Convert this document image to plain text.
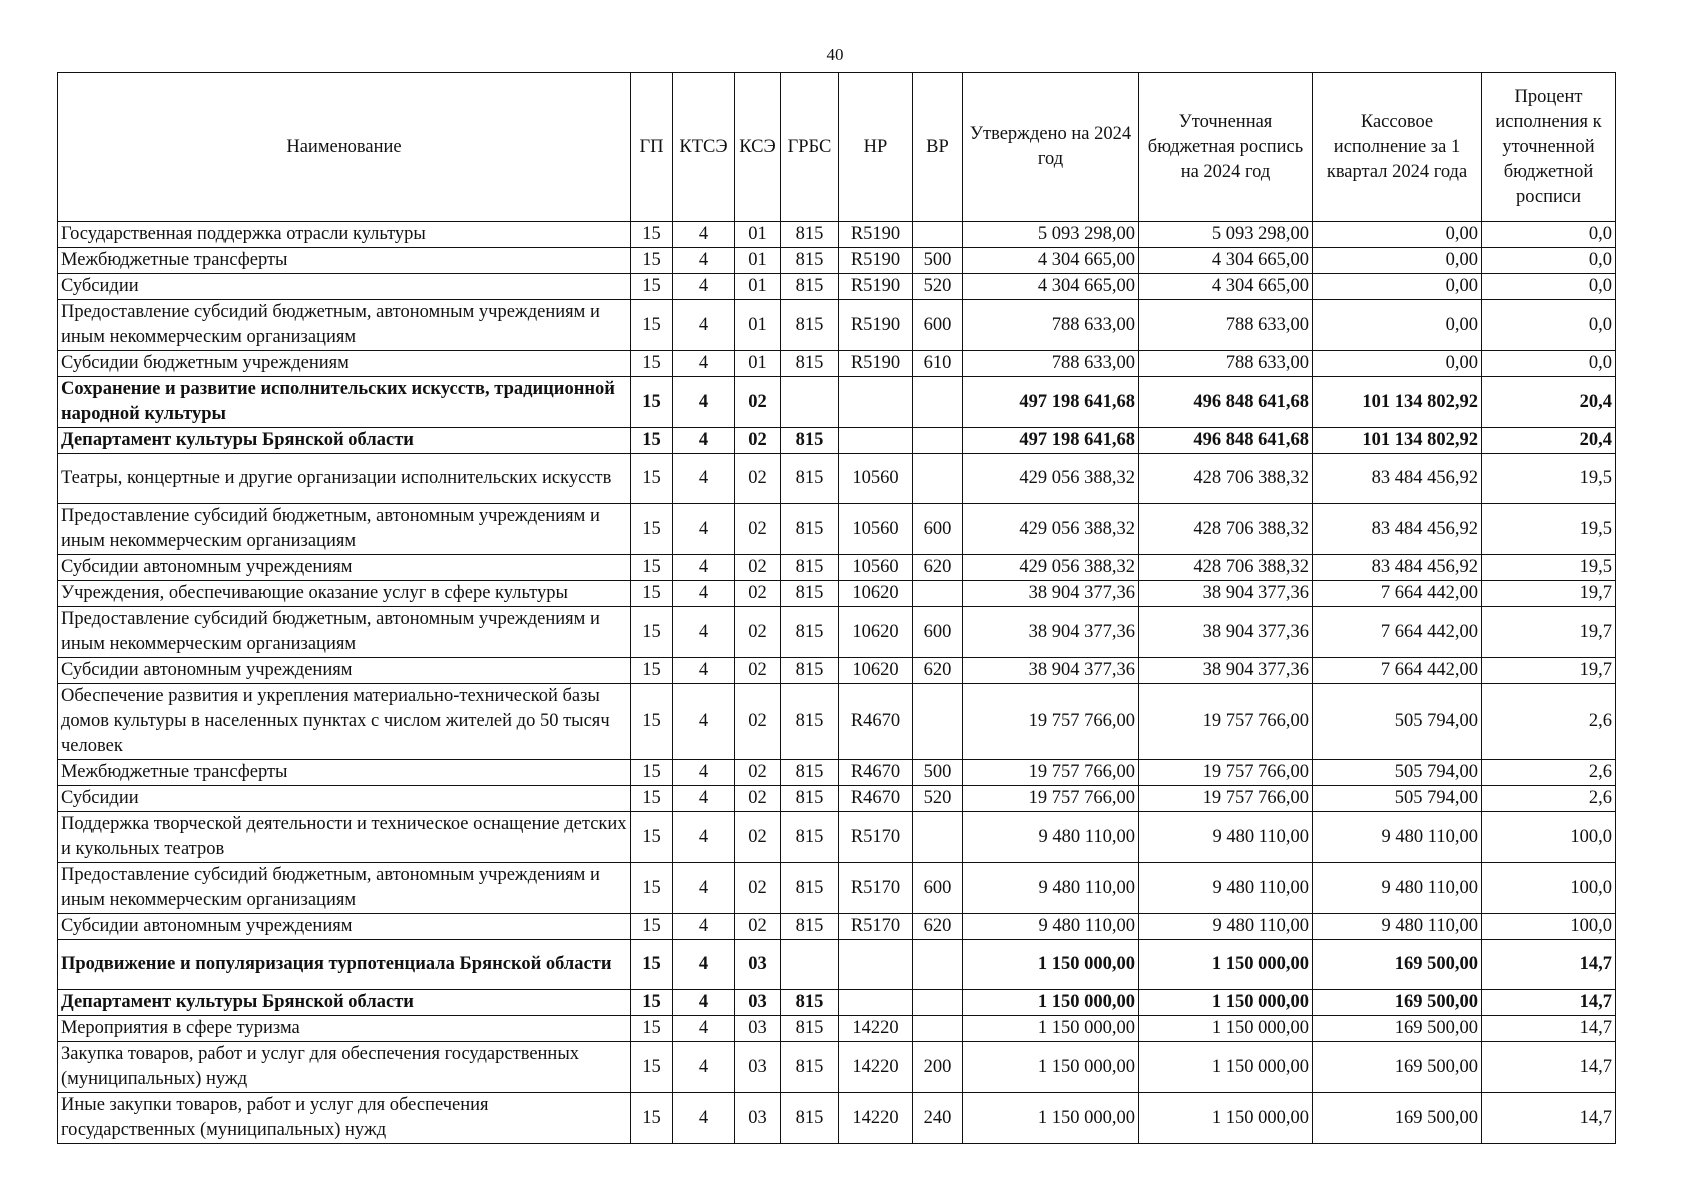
40
Наименование	ГП	КТСЭ	КСЭ	ГРБС	НР	ВР	Утверждено на 2024 год	Уточненная бюджетная роспись на 2024 год	Кассовое исполнение за 1 квартал 2024 года	Процент исполнения к уточненной бюджетной росписи
Государственная поддержка отрасли культуры	15	4	01	815	R5190		5 093 298,00	5 093 298,00	0,00	0,0
Межбюджетные трансферты	15	4	01	815	R5190	500	4 304 665,00	4 304 665,00	0,00	0,0
Субсидии	15	4	01	815	R5190	520	4 304 665,00	4 304 665,00	0,00	0,0
Предоставление субсидий бюджетным, автономным учреждениям и иным некоммерческим организациям	15	4	01	815	R5190	600	788 633,00	788 633,00	0,00	0,0
Субсидии бюджетным учреждениям	15	4	01	815	R5190	610	788 633,00	788 633,00	0,00	0,0
Сохранение и развитие исполнительских искусств, традиционной народной культуры	15	4	02				497 198 641,68	496 848 641,68	101 134 802,92	20,4
Департамент культуры Брянской области	15	4	02	815			497 198 641,68	496 848 641,68	101 134 802,92	20,4
Театры, концертные и другие организации исполнительских искусств	15	4	02	815	10560		429 056 388,32	428 706 388,32	83 484 456,92	19,5
Предоставление субсидий бюджетным, автономным учреждениям и иным некоммерческим организациям	15	4	02	815	10560	600	429 056 388,32	428 706 388,32	83 484 456,92	19,5
Субсидии автономным учреждениям	15	4	02	815	10560	620	429 056 388,32	428 706 388,32	83 484 456,92	19,5
Учреждения, обеспечивающие оказание услуг в сфере культуры	15	4	02	815	10620		38 904 377,36	38 904 377,36	7 664 442,00	19,7
Предоставление субсидий бюджетным, автономным учреждениям и иным некоммерческим организациям	15	4	02	815	10620	600	38 904 377,36	38 904 377,36	7 664 442,00	19,7
Субсидии автономным учреждениям	15	4	02	815	10620	620	38 904 377,36	38 904 377,36	7 664 442,00	19,7
Обеспечение развития и укрепления материально-технической базы домов культуры в населенных пунктах с числом жителей до 50 тысяч человек	15	4	02	815	R4670		19 757 766,00	19 757 766,00	505 794,00	2,6
Межбюджетные трансферты	15	4	02	815	R4670	500	19 757 766,00	19 757 766,00	505 794,00	2,6
Субсидии	15	4	02	815	R4670	520	19 757 766,00	19 757 766,00	505 794,00	2,6
Поддержка творческой деятельности и техническое оснащение детских и кукольных театров	15	4	02	815	R5170		9 480 110,00	9 480 110,00	9 480 110,00	100,0
Предоставление субсидий бюджетным, автономным учреждениям и иным некоммерческим организациям	15	4	02	815	R5170	600	9 480 110,00	9 480 110,00	9 480 110,00	100,0
Субсидии автономным учреждениям	15	4	02	815	R5170	620	9 480 110,00	9 480 110,00	9 480 110,00	100,0
Продвижение и популяризация турпотенциала Брянской области	15	4	03				1 150 000,00	1 150 000,00	169 500,00	14,7
Департамент культуры Брянской области	15	4	03	815			1 150 000,00	1 150 000,00	169 500,00	14,7
Мероприятия в сфере туризма	15	4	03	815	14220		1 150 000,00	1 150 000,00	169 500,00	14,7
Закупка товаров, работ и услуг для обеспечения государственных (муниципальных) нужд	15	4	03	815	14220	200	1 150 000,00	1 150 000,00	169 500,00	14,7
Иные закупки товаров, работ и услуг для обеспечения государственных (муниципальных) нужд	15	4	03	815	14220	240	1 150 000,00	1 150 000,00	169 500,00	14,7
